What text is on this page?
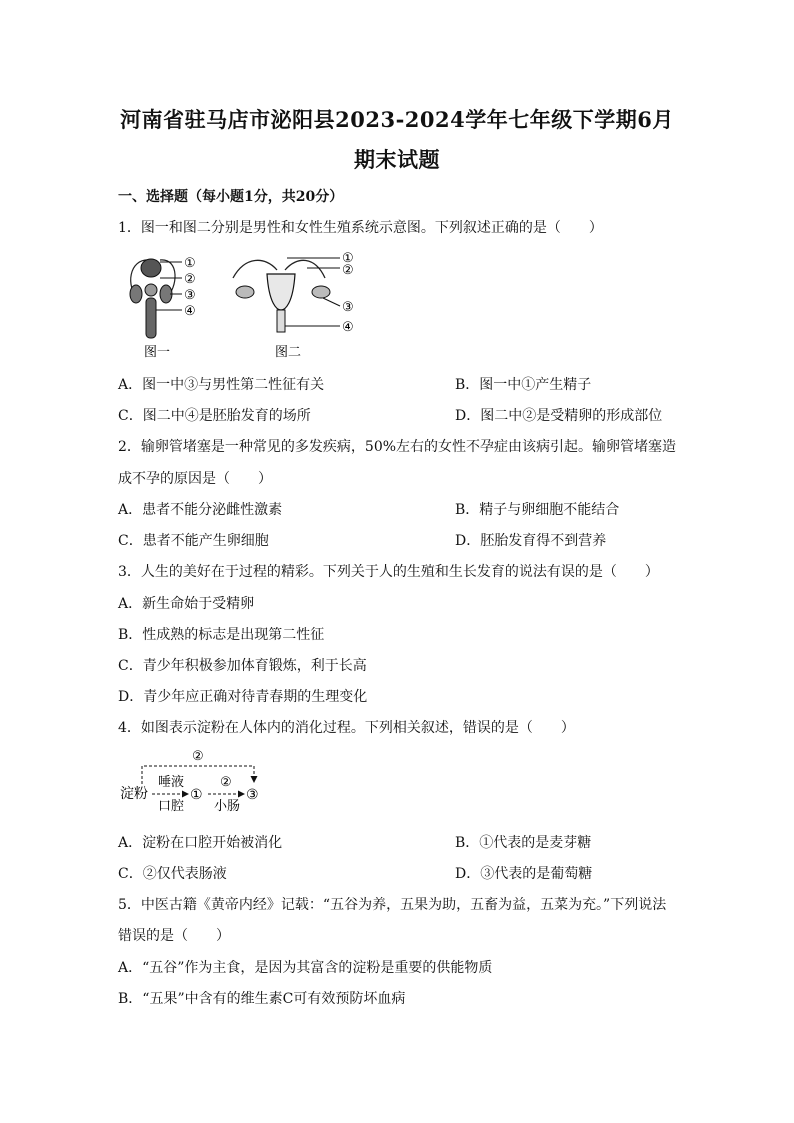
河南省驻马店市泌阳县2023-2024学年七年级下学期6月
期末试题
一、选择题（每小题1分，共20分）
1．图一和图二分别是男性和女性生殖系统示意图。下列叙述正确的是（　　）
①
②
③
④
图一
①
②
③
④
图二
A．图一中③与男性第二性征有关	B．图一中①产生精子
C．图二中④是胚胎发育的场所	D．图二中②是受精卵的形成部位
2．输卵管堵塞是一种常见的多发疾病，50%左右的女性不孕症由该病引起。输卵管堵塞造
成不孕的原因是（　　）
A．患者不能分泌雌性激素	B．精子与卵细胞不能结合
C．患者不能产生卵细胞	D．胚胎发育得不到营养
3．人生的美好在于过程的精彩。下列关于人的生殖和生长发育的说法有误的是（　　）
A．新生命始于受精卵
B．性成熟的标志是出现第二性征
C．青少年积极参加体育锻炼，利于长高
D．青少年应正确对待青春期的生理变化
4．如图表示淀粉在人体内的消化过程。下列相关叙述，错误的是（　　）
②
淀粉
唾液
口腔
①
②
小肠
③
A．淀粉在口腔开始被消化	B．①代表的是麦芽糖
C．②仅代表肠液	D．③代表的是葡萄糖
5．中医古籍《黄帝内经》记载：“五谷为养，五果为助，五畜为益，五菜为充。”下列说法
错误的是（　　）
A．“五谷”作为主食，是因为其富含的淀粉是重要的供能物质
B．“五果”中含有的维生素C可有效预防坏血病
